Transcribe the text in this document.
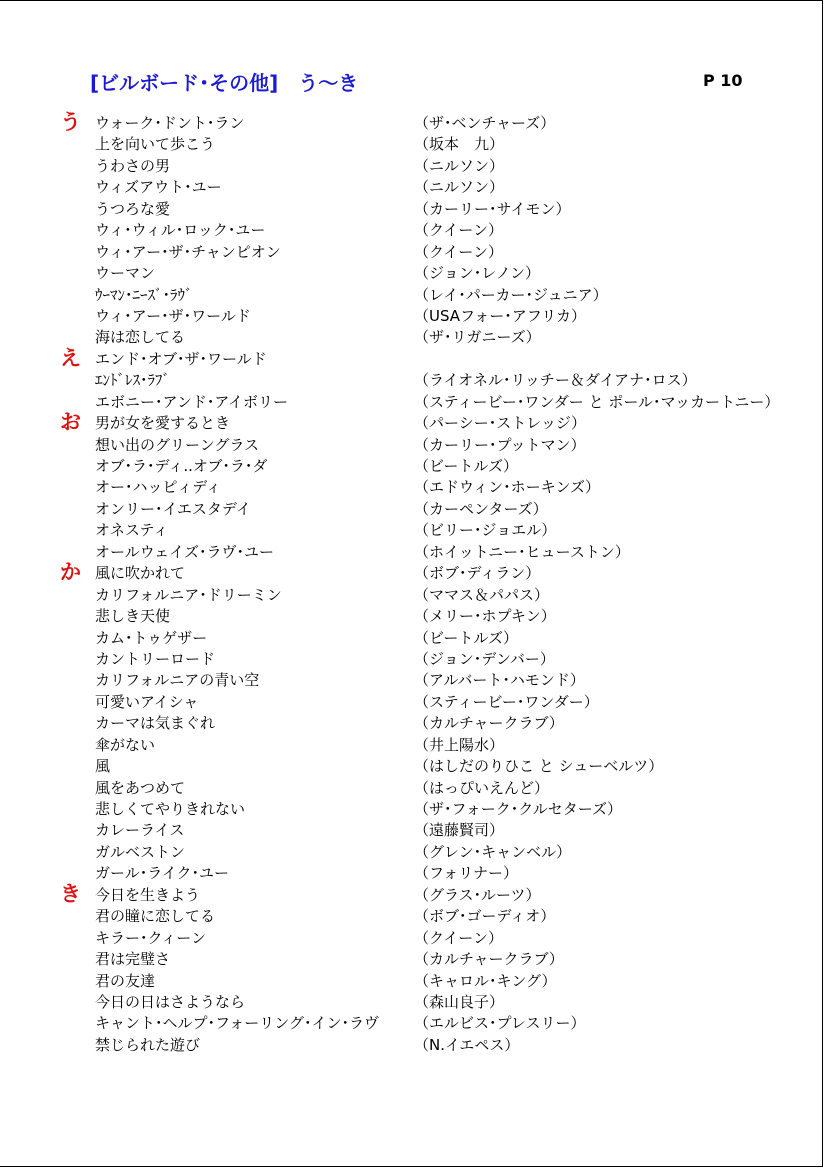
[ビルボード･その他]　う～き	P 10
う ウォーク･ドント･ラン	（ザ･ベンチャーズ）
上を向いて歩こう	（坂本　九）
うわさの男	（ニルソン）
ウィズアウト･ユー	（ニルソン）
うつろな愛	（カーリー･サイモン）
ウィ･ウィル･ロック･ユー	（クイーン）
ウィ･アー･ザ･チャンピオン	（クイーン）
ウーマン	（ジョン･レノン）
ｳｰﾏﾝ･ﾆｰｽﾞ･ﾗｳﾞ	（レイ･パーカー･ジュニア）
ウィ･アー･ザ･ワールド	（USAフォー･アフリカ）
海は恋してる	（ザ･リガニーズ）
え エンド･オブ･ザ･ワールド
ｴﾝﾄﾞﾚｽ･ﾗﾌﾞ	（ライオネル･リッチー＆ダイアナ･ロス）
エボニー･アンド･アイボリー	（スティービー･ワンダー と ポール･マッカートニー）
お 男が女を愛するとき	（パーシー･ストレッジ）
想い出のグリーングラス	（カーリー･プットマン）
オブ･ラ･ディ..オブ･ラ･ダ	（ビートルズ）
オー･ハッピィディ	（エドウィン･ホーキンズ）
オンリー･イエスタデイ	（カーペンターズ）
オネスティ	（ビリー･ジョエル）
オールウェイズ･ラヴ･ユー	（ホイットニー･ヒューストン）
か 風に吹かれて	（ボブ･ディラン）
カリフォルニア･ドリーミン	（ママス＆パパス）
悲しき天使	（メリー･ホプキン）
カム･トゥゲザー	（ビートルズ）
カントリーロード	（ジョン･デンバー）
カリフォルニアの青い空	（アルバート･ハモンド）
可愛いアイシャ	（スティービー･ワンダー）
カーマは気まぐれ	（カルチャークラブ）
傘がない	（井上陽水）
風	（はしだのりひこ と シューベルツ）
風をあつめて	（はっぴいえんど）
悲しくてやりきれない	（ザ･フォーク･クルセターズ）
カレーライス	（遠藤賢司）
ガルベストン	（グレン･キャンベル）
ガール･ライク･ユー	（フォリナー）
き 今日を生きよう	（グラス･ルーツ）
君の瞳に恋してる	（ボブ･ゴーディオ）
キラー･クィーン	（クイーン）
君は完璧さ	（カルチャークラブ）
君の友達	（キャロル･キング）
今日の日はさようなら	（森山良子）
キャント･ヘルプ･フォーリング･イン･ラヴ （エルビス･プレスリー）
禁じられた遊び	（N.イエペス）
